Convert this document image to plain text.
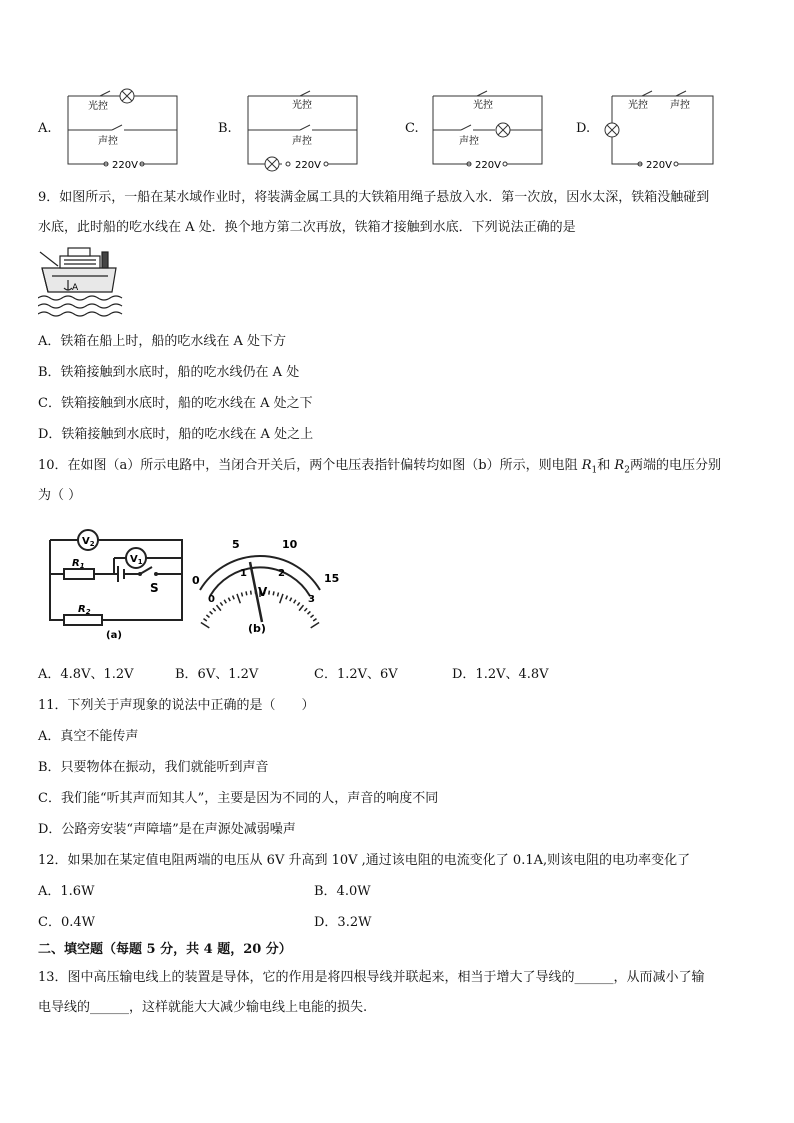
A.
光控
声控
220V
B.
光控
声控
220V
C.
光控
声控
220V
D.
光控 声控
220V
9．如图所示，一船在某水域作业时，将装满金属工具的大铁箱用绳子悬放入水．第一次放，因水太深，铁箱没触碰到
水底，此时船的吃水线在 A 处．换个地方第二次再放，铁箱才接触到水底．下列说法正确的是
A
A．铁箱在船上时，船的吃水线在 A 处下方
B．铁箱接触到水底时，船的吃水线仍在 A 处
C．铁箱接触到水底时，船的吃水线在 A 处之下
D．铁箱接触到水底时，船的吃水线在 A 处之上
10．在如图（a）所示电路中，当闭合开关后，两个电压表指针偏转均如图（b）所示，则电阻 $R_1$和 $R_2$两端的电压分别
为（ ）
$V_2$
$V_1$
$R_1$
$R_2$
S
(a)
0
5	10
15
0
1	2
3
V
(b)
A．4.8V、1.2V	B．6V、1.2V	C．1.2V、6V	D．1.2V、4.8V
11．下列关于声现象的说法中正确的是（　　）
A．真空不能传声
B．只要物体在振动，我们就能听到声音
C．我们能“听其声而知其人”，主要是因为不同的人，声音的响度不同
D．公路旁安装“声障墙”是在声源处减弱噪声
12．如果加在某定值电阻两端的电压从 6V 升高到 10V ,通过该电阻的电流变化了 0.1A,则该电阻的电功率变化了
A．1.6W	B．4.0W
C．0.4W	D．3.2W
二、填空题（每题 5 分，共 4 题，20 分）
13．图中高压输电线上的装置是导体，它的作用是将四根导线并联起来，相当于增大了导线的______，从而减小了输
电导线的______，这样就能大大减少输电线上电能的损失.
